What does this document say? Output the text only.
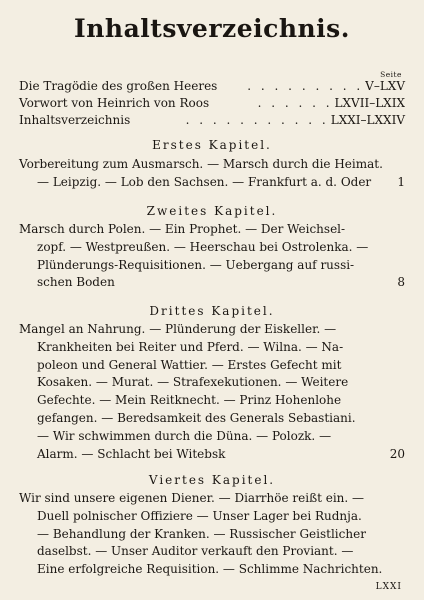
Inhaltsverzeichnis.
Seite
Die Tragödie des großen Heeres	. . . . . . . . . V–LXV
Vorwort von Heinrich von Roos	. . . . . . LXVII–LXIX
Inhaltsverzeichnis	. . . . . . . . . . . LXXI–LXXIV
Erstes Kapitel.
Vorbereitung zum Ausmarsch. — Marsch durch die Heimat.
— Leipzig. — Lob den Sachsen. — Frankfurt a. d. Oder 1
Zweites Kapitel.
Marsch durch Polen. — Ein Prophet. — Der Weichsel-
zopf. — Westpreußen. — Heerschau bei Ostrolenka. —
Plünderungs-Requisitionen. — Uebergang auf russi-
schen Boden	8
Drittes Kapitel.
Mangel an Nahrung. — Plünderung der Eiskeller. —
Krankheiten bei Reiter und Pferd. — Wilna. — Na-
poleon und General Wattier. — Erstes Gefecht mit
Kosaken. — Murat. — Strafexekutionen. — Weitere
Gefechte. — Mein Reitknecht. — Prinz Hohenlohe
gefangen. — Beredsamkeit des Generals Sebastiani.
— Wir schwimmen durch die Düna. — Polozk. —
Alarm. — Schlacht bei Witebsk	20
Viertes Kapitel.
Wir sind unsere eigenen Diener. — Diarrhöe reißt ein. —
Duell polnischer Offiziere — Unser Lager bei Rudnja.
— Behandlung der Kranken. — Russischer Geistlicher
daselbst. — Unser Auditor verkauft den Proviant. —
Eine erfolgreiche Requisition. — Schlimme Nachrichten.
LXXI
